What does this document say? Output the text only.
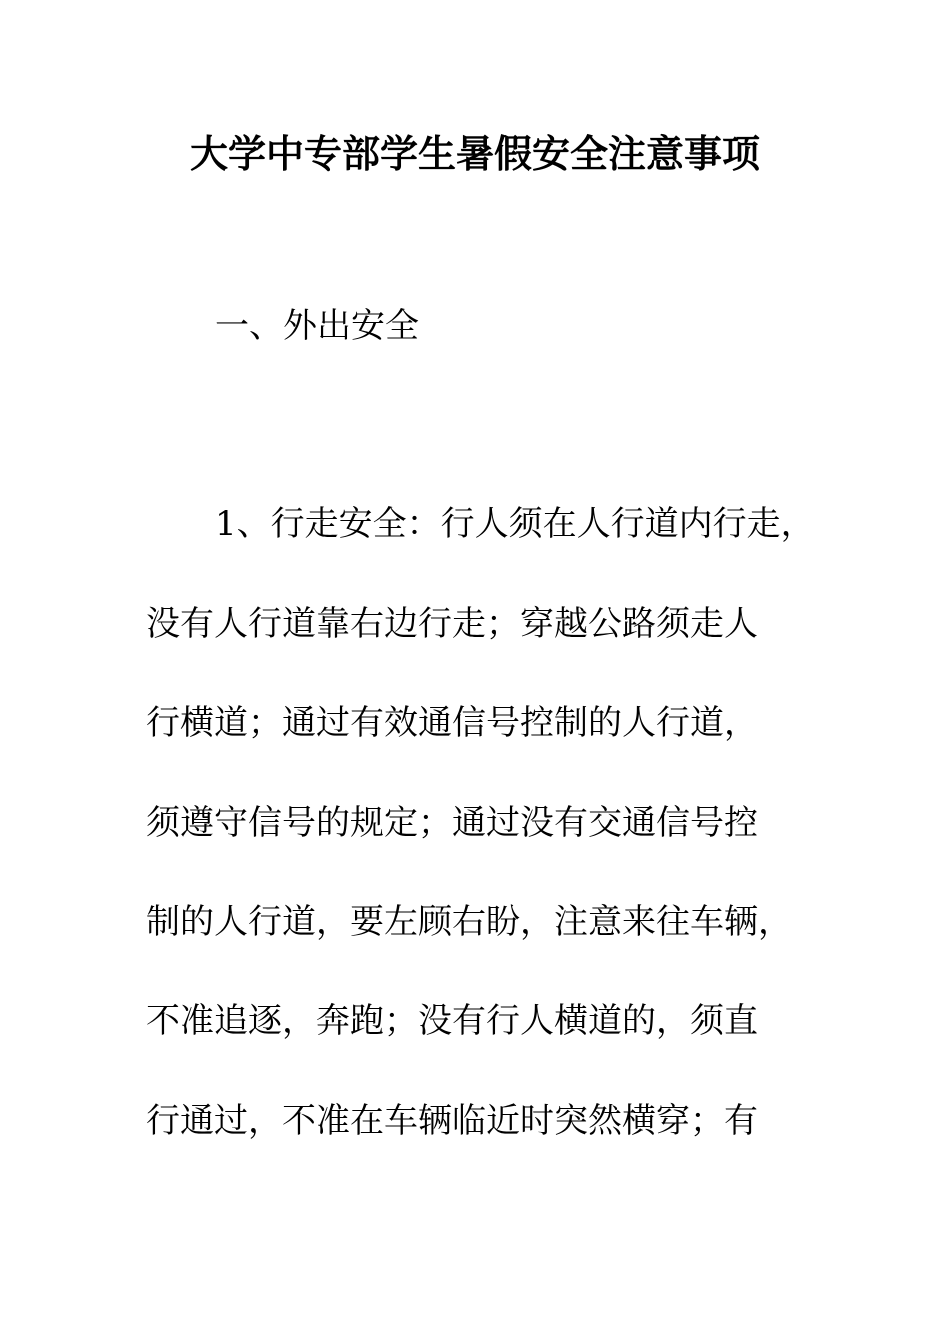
大学中专部学生暑假安全注意事项
一、外出安全
1、行走安全：行人须在人行道内行走，
没有人行道靠右边行走；穿越公路须走人
行横道；通过有效通信号控制的人行道，
须遵守信号的规定；通过没有交通信号控
制的人行道，要左顾右盼，注意来往车辆，
不准追逐，奔跑；没有行人横道的，须直
行通过，不准在车辆临近时突然横穿；有
